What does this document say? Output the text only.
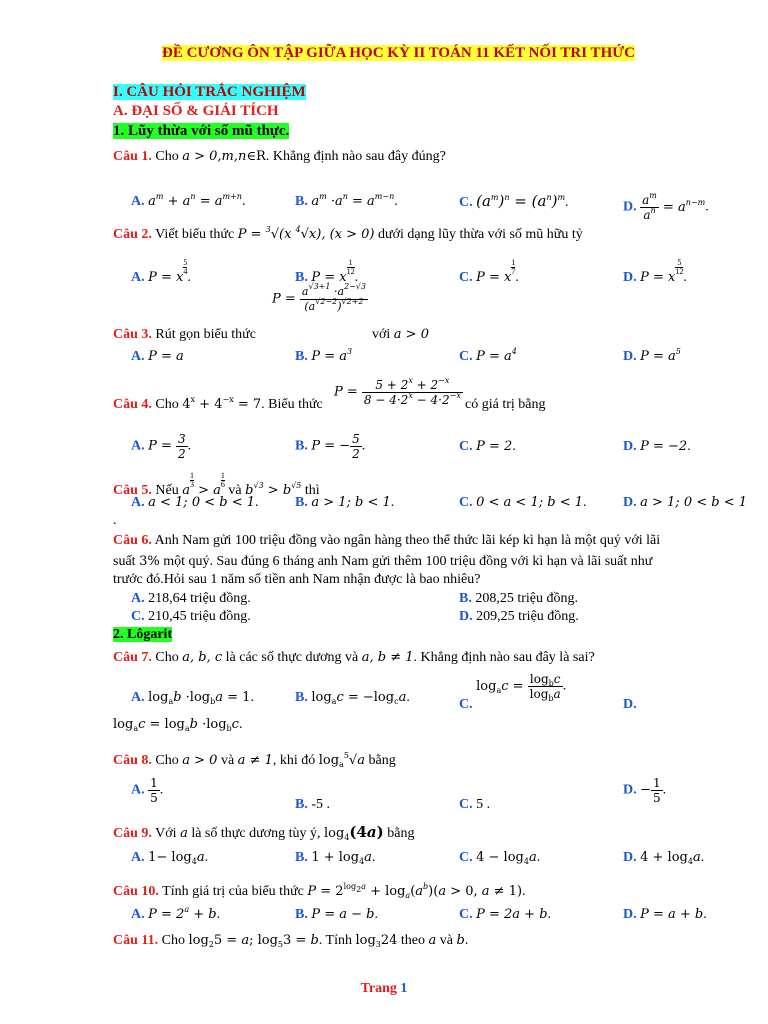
ĐỀ CƯƠNG ÔN TẬP GIỮA HỌC KỲ II TOÁN 11 KẾT NỐI TRI THỨC
I. CÂU HỎI TRẮC NGHIỆM
A. ĐẠI SỐ & GIẢI TÍCH
1. Lũy thừa với số mũ thực.
Câu 1. Cho a > 0,m,n∈R. Khẳng định nào sau đây đúng?
A. $a^m + a^n = a^{m+n}$.	B. $a^m \cdot a^n = a^{m-n}$.	C. $(a^m)^n = (a^n)^m$.	D. $\frac{a^m}{a^n} = a^{n-m}$.
Câu 2. Viết biểu thức P = $^3$√(x $^4$√x), (x > 0) dưới dạng lũy thừa với số mũ hữu tỷ
A. P = x
$\frac{5}{4}$
.	B. P = x
$\frac{1}{12}$
.	C. P = x
$\frac{1}{7}$
.	D. P = x
$\frac{5}{12}$
.
$P = \frac{a^{√3+1} \cdot a^{2-√3}}{(a^{√2-2})^{√2+2}}$
Câu 3. Rút gọn biểu thức	với a > 0
A. P = a	B. $P = a^3$	C. $P = a^4$	D. $P = a^5$
Câu 4. Cho $4^x + 4^{-x} = 7$. Biểu thức
$P = \frac{5 + 2^x + 2^{-x}}{8 - 4\cdot 2^x - 4\cdot 2^{-x}}$ có giá trị bằng
A. $P = \frac{3}{2}$ .	B. P = − $\frac{5}{2}$ .	C. P = 2.	D. P = −2.
Câu 5. Nếu a
$\frac{1}{3}$
> a
$\frac{1}{6}$
và $b^{√3} > b^{√5}$ thì
A. a < 1; 0 < b < 1.	B. a > 1; b < 1.	C. 0 < a < 1; b < 1.	D. a > 1; 0 < b < 1
.
Câu 6. Anh Nam gửi 100 triệu đồng vào ngân hàng theo thể thức lãi kép kì hạn là một quý với lãi
suất 3% một quý. Sau đúng 6 tháng anh Nam gửi thêm 100 triệu đồng với kì hạn và lãi suất như
trước đó.Hỏi sau 1 năm số tiền anh Nam nhận được là bao nhiêu?
A. 218,64 triệu đồng.	B. 208,25 triệu đồng.
C. 210,45 triệu đồng.	D. 209,25 triệu đồng.
2. Lôgarit
Câu 7. Cho a, b, c là các số thực dương và a, b ≠ 1. Khẳng định nào sau đây là sai?
A. $\log_ab \cdot\log_ba = 1$.	B. $\log_ac = -\log_ca$.	C. $\log_ac = \frac{\log_bc}{\log_ba}$ .
D.
$\log_ac = \log_ab \cdot\log_bc$.
Câu 8. Cho a > 0 và a ≠ 1, khi đó $\log_a^5√a$ bằng
A. $\frac{1}{5}$ .
B. -5 .	C. 5 .
D. − $\frac{1}{5}$ .
Câu 9. Với a là số thực dương tùy ý, $\log_4(4a)$ bằng
A. $1- \log_4a$.	B. $1 + \log_4a$.	C. $4 - \log_4a$.	D. $4 + \log_4a$.
Câu 10. Tính giá trị của biểu thức $P = 2^{log_2a} + \log_a(a^b)(a > 0$, a ≠ 1).
A. $P = 2^a + b$.	B. P = a − b.	C. P = 2a + b.	D. P = a + b.
Câu 11. Cho $\log_25 = a$; $\log_53 = b$. Tính $\log_324$ theo a và b.
Trang 1
